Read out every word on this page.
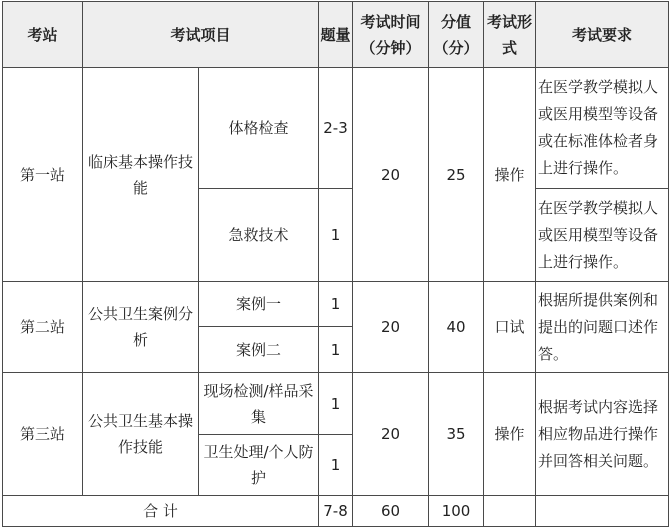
考站	考试项目		题量	考试时间（分钟）	分值（分）	考试形式	考试要求
第一站	临床基本操作技能	体格检查	2-3	20	25	操作	在医学教学模拟人或医用模型等设备或在标准体检者身上进行操作。
		急救技术	1				在医学教学模拟人或医用模型等设备上进行操作。
第二站	公共卫生案例分析	案例一	1	20	40	口试	根据所提供案例和提出的问题口述作答。
		案例二	1				
第三站	公共卫生基本操作技能	现场检测/样品采集	1	20	35	操作	根据考试内容选择相应物品进行操作并回答相关问题。
		卫生处理/个人防护	1				
合 计			7-8	60	100		
